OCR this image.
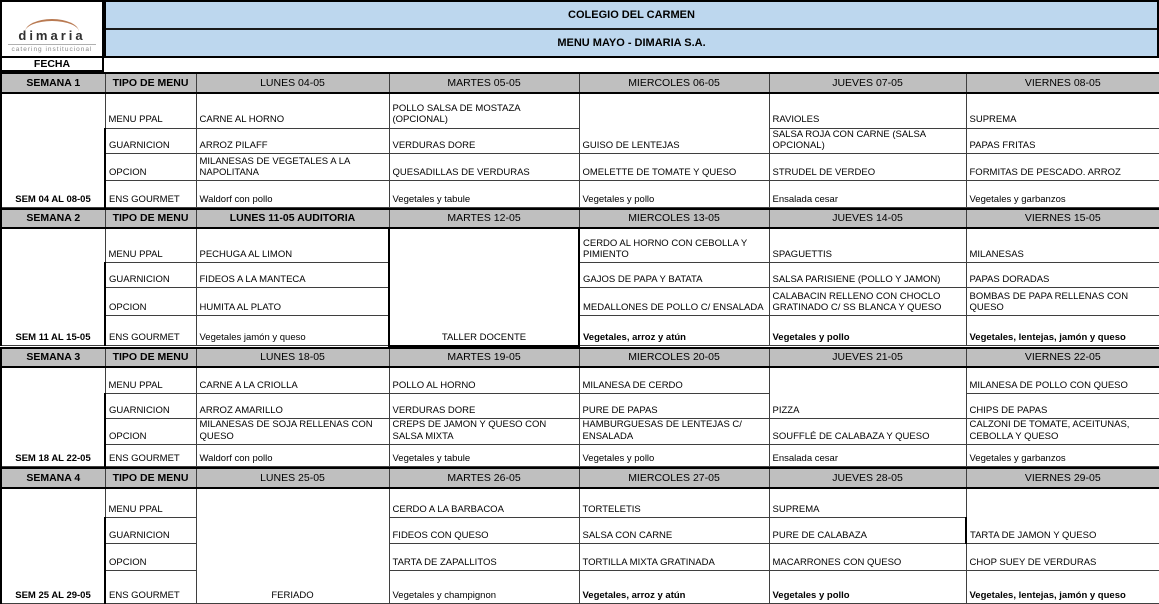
dimaria
catering institucional
COLEGIO DEL CARMEN
MENU MAYO - DIMARIA S.A.
FECHA
SEMANA 1	TIPO DE MENU	LUNES 04-05	MARTES 05-05	MIERCOLES 06-05	JUEVES 07-05	VIERNES 08-05
SEM 04 AL 08-05	MENU PPAL	CARNE AL HORNO	POLLO SALSA DE MOSTAZA (OPCIONAL)	GUISO DE LENTEJAS	RAVIOLES	SUPREMA
	GUARNICION	ARROZ PILAFF	VERDURAS DORE		SALSA ROJA CON CARNE (SALSA OPCIONAL)	PAPAS FRITAS
	OPCION	MILANESAS DE VEGETALES A LA NAPOLITANA	QUESADILLAS DE VERDURAS	OMELETTE DE TOMATE Y QUESO	STRUDEL DE VERDEO	FORMITAS DE PESCADO. ARROZ
	ENS GOURMET	Waldorf con pollo	Vegetales y tabule	Vegetales y pollo	Ensalada cesar	Vegetales y garbanzos
SEMANA 2	TIPO DE MENU	LUNES 11-05 AUDITORIA	MARTES 12-05	MIERCOLES 13-05	JUEVES 14-05	VIERNES 15-05
SEM 11 AL 15-05	MENU PPAL	PECHUGA AL LIMON	TALLER DOCENTE	CERDO AL HORNO CON CEBOLLA Y PIMIENTO	SPAGUETTIS	MILANESAS
	GUARNICION	FIDEOS A LA MANTECA		GAJOS DE PAPA Y BATATA	SALSA PARISIENE (POLLO Y JAMON)	PAPAS DORADAS
	OPCION	HUMITA AL PLATO		MEDALLONES DE POLLO C/ ENSALADA	CALABACIN RELLENO CON CHOCLO GRATINADO C/ SS BLANCA Y QUESO	BOMBAS DE PAPA RELLENAS CON QUESO
	ENS GOURMET	Vegetales jamón y queso		Vegetales, arroz y atún	Vegetales y pollo	Vegetales, lentejas, jamón y queso
SEMANA 3	TIPO DE MENU	LUNES 18-05	MARTES 19-05	MIERCOLES 20-05	JUEVES 21-05	VIERNES 22-05
SEM 18 AL 22-05	MENU PPAL	CARNE A LA CRIOLLA	POLLO AL HORNO	MILANESA DE CERDO	PIZZA	MILANESA DE POLLO CON QUESO
	GUARNICION	ARROZ AMARILLO	VERDURAS DORE	PURE DE PAPAS		CHIPS DE PAPAS
	OPCION	MILANESAS DE SOJA RELLENAS CON QUESO	CREPS DE JAMON Y QUESO CON SALSA MIXTA	HAMBURGUESAS DE LENTEJAS C/ ENSALADA	SOUFFLÉ DE CALABAZA Y QUESO	CALZONI DE TOMATE, ACEITUNAS, CEBOLLA Y QUESO
	ENS GOURMET	Waldorf con pollo	Vegetales y tabule	Vegetales y pollo	Ensalada cesar	Vegetales y garbanzos
SEMANA 4	TIPO DE MENU	LUNES 25-05	MARTES 26-05	MIERCOLES 27-05	JUEVES 28-05	VIERNES 29-05
SEM 25 AL 29-05	MENU PPAL	FERIADO	CERDO A LA BARBACOA	TORTELETIS	SUPREMA	TARTA DE JAMON Y QUESO
	GUARNICION		FIDEOS CON QUESO	SALSA CON CARNE	PURE DE CALABAZA	
	OPCION		TARTA DE ZAPALLITOS	TORTILLA MIXTA GRATINADA	MACARRONES CON QUESO	CHOP SUEY DE VERDURAS
	ENS GOURMET		Vegetales y champignon	Vegetales, arroz y atún	Vegetales y pollo	Vegetales, lentejas, jamón y queso
